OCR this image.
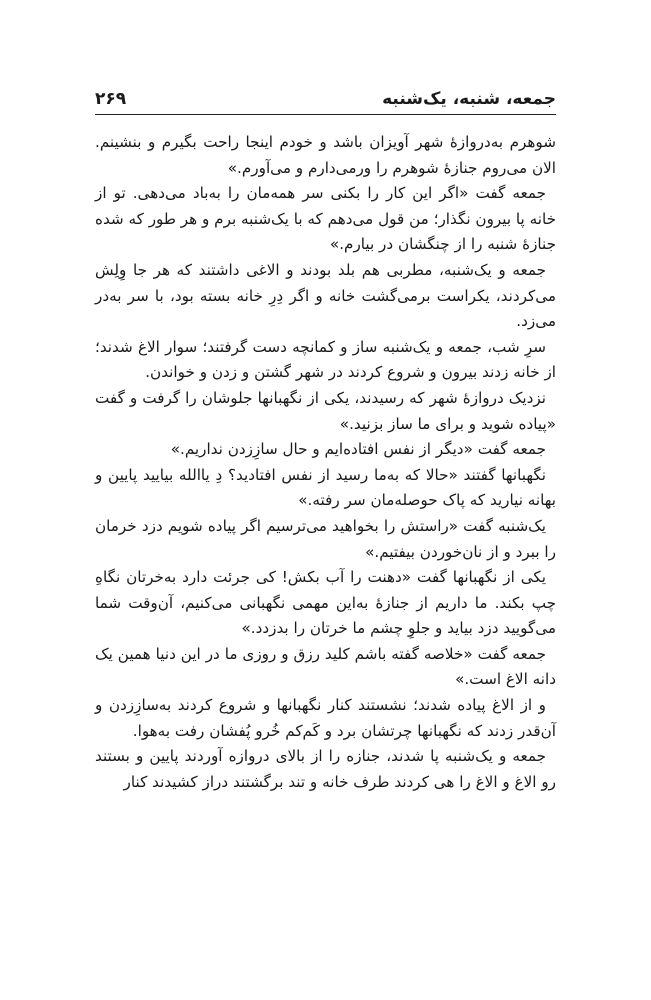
جمعه، شنبه، یک‌شنبه
۲۶۹

شوهرم به‌دروازهٔ شهر آویزان باشد و خودم اینجا راحت بگیرم و بنشینم. الان می‌روم جنازهٔ شوهرم را ورمی‌دارم و می‌آورم.»

جمعه گفت «اگر این کار را بکنی سر همه‌مان را به‌باد می‌دهی. تو از خانه پا بیرون نگذار؛ من قول می‌دهم که با یک‌شنبه برم و هر طور که شده جنازهٔ شنبه را از چنگشان در بیارم.»

جمعه و یک‌شنبه، مطربی هم بلد بودند و الاغی داشتند که هر جا وِلِش می‌کردند، یکراست برمی‌گشت خانه و اگر دِرِ خانه بسته بود، با سر به‌در می‌زد.

سرِ شب، جمعه و یک‌شنبه ساز و کمانچه دست گرفتند؛ سوار الاغ شدند؛ از خانه زدند بیرون و شروع کردند در شهر گشتن و زدن و خواندن.

نزدیک دروازهٔ شهر که رسیدند، یکی از نگهبانها جلوشان را گرفت و گفت «پیاده شوید و برای ما ساز بزنید.»

جمعه گفت «دیگر از نفس افتاده‌ایم و حال سازِزدن نداریم.»

نگهبانها گفتند «حالا که به‌ما رسید از نفس افتادید؟ دِ یاالله بیایید پایین و بهانه نیارید که پاک حوصله‌مان سر رفته.»

یک‌شنبه گفت «راستش را بخواهید می‌ترسیم اگر پیاده شویم دزد خرمان را ببرد و از نان‌خوردن بیفتیم.»

یکی از نگهبانها گفت «دهنت را آب بکش! کی جرئت دارد به‌خرتان نگاهِ چپ بکند. ما داریم از جنازهٔ به‌این مهمی نگهبانی می‌کنیم، آن‌وقت شما می‌گویید دزد بیاید و جلوِ چشم ما خرتان را بدزدد.»

جمعه گفت «خلاصه گفته باشم کلید رزق و روزی ما در این دنیا همین یک دانه الاغ است.»

و از الاغ پیاده شدند؛ نشستند کنار نگهبانها و شروع کردند به‌سازِزدن و آن‌قدر زدند که نگهبانها چرتشان برد و کَم‌کم خُرو پُفشان رفت به‌هوا.

جمعه و یک‌شنبه پا شدند، جنازه را از بالای دروازه آوردند پایین و بستند رو الاغ و الاغ را هی کردند طرف خانه و تند برگشتند دراز کشیدند کنار
